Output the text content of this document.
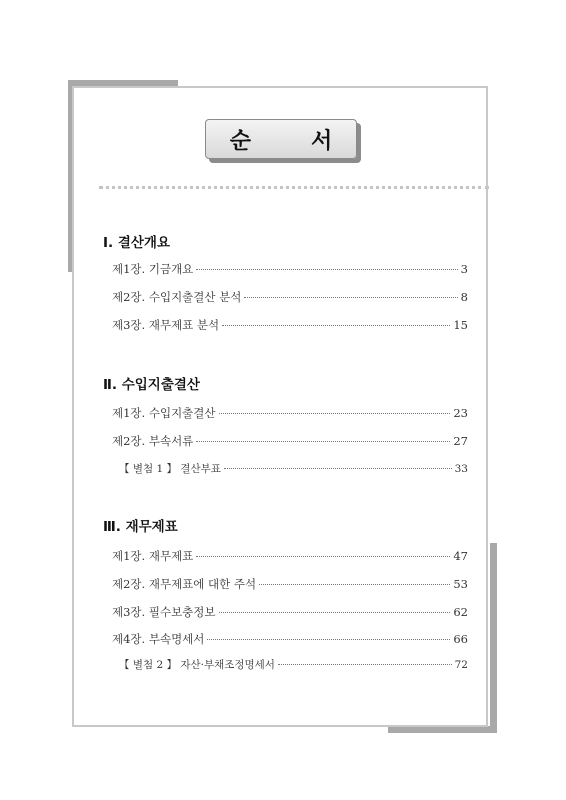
순	서
Ⅰ. 결산개요
제1장. 기금개요	3
제2장. 수입지출결산 분석	8
제3장. 재무제표 분석	15
Ⅱ. 수입지출결산
제1장. 수입지출결산	23
제2장. 부속서류	27
【 별첨 1 】 결산부표	33
Ⅲ. 재무제표
제1장. 재무제표	47
제2장. 재무제표에 대한 주석	53
제3장. 필수보충정보	62
제4장. 부속명세서	66
【 별첨 2 】 자산·부채조정명세서	72
